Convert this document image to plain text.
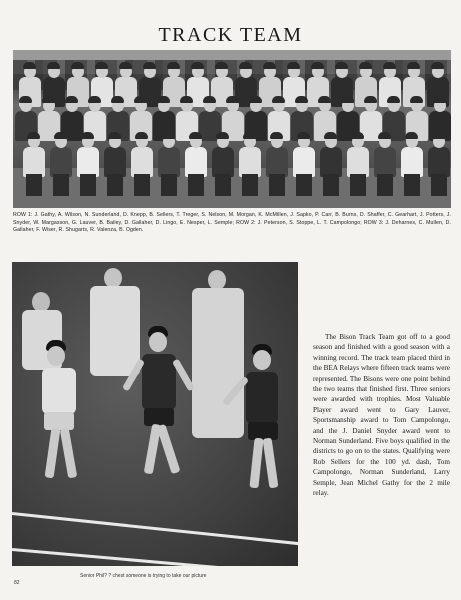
TRACK TEAM
ROW 1: J. Gathy, A. Wilson, N. Sunderland, D. Knepp, B. Sellers, T. Treger, S. Nelson, M. Morgan, K. McMillen, J. Sapko, P. Carr, B. Burns, D. Shaffer, C. Gearhart, J. Potters, J. Snyder, W. Margasson, G. Lauver, B. Bailey, D. Gallaher, D. Lingo, E. Nesper, L. Semple; ROW 2: J. Peterson, S. Stoppe, L. T. Campolongo; ROW 3: J. Deharnes, C. Mullen, D. Gallaher, F. Wiser, R. Shugarts, R. Valenza, B. Ogden.
Senior Phil? ? chest someone is trying to take our picture
The Bison Track Team got off to a good season and finished with a good season with a winning record. The track team placed third in the BEA Relays where fifteen track teams were represented. The Bisons were one point behind the two teams that finished first. Three seniors were awarded with trophies. Most Valuable Player award went to Gary Lauver, Sportsmanship award to Tom Campolongo, and the J. Daniel Snyder award went to Norman Sunderland. Five boys qualified in the districts to go on to the states. Qualifying were Rob Sellers for the 100 yd. dash, Tom Campolongo, Norman Sunderland, Larry Semple, Jean Michel Gathy for the 2 mile relay.
82
